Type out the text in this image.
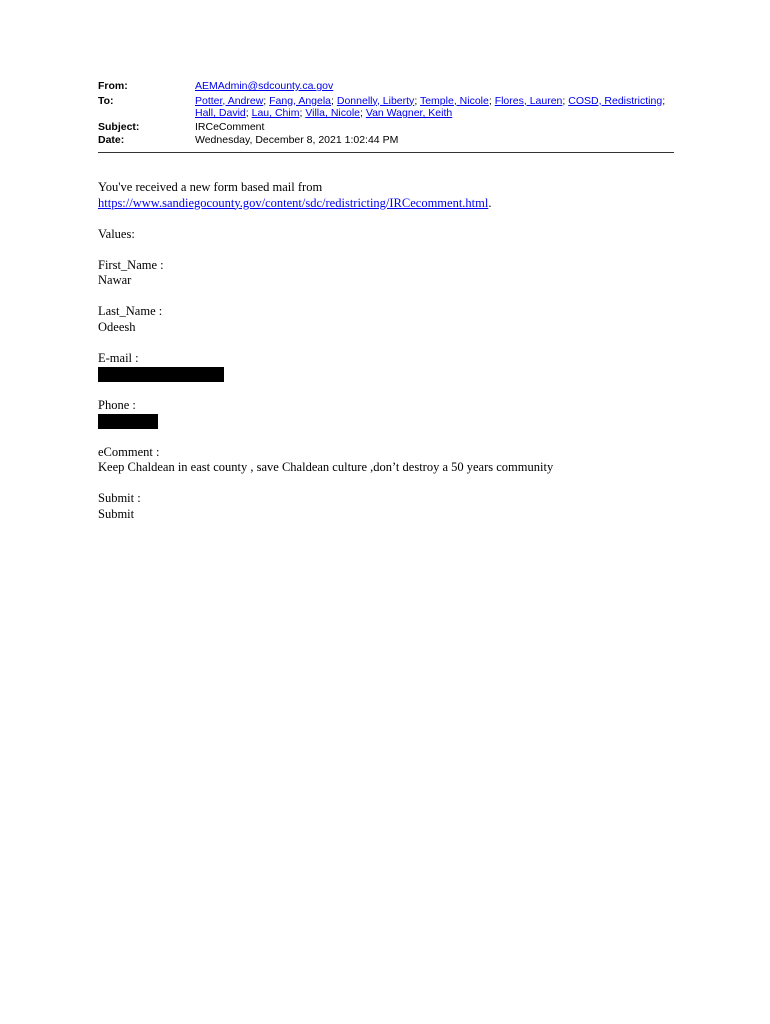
From:	AEMAdmin@sdcounty.ca.gov
To:	Potter, Andrew; Fang, Angela; Donnelly, Liberty; Temple, Nicole; Flores, Lauren; COSD, Redistricting; Hall, David; Lau, Chim; Villa, Nicole; Van Wagner, Keith
Subject:	IRCeComment
Date:	Wednesday, December 8, 2021 1:02:44 PM

You've received a new form based mail from
https://www.sandiegocounty.gov/content/sdc/redistricting/IRCecomment.html.

Values:

First_Name :
Nawar

Last_Name :
Odeesh

E-mail :

Phone :

eComment :
Keep Chaldean in east county , save Chaldean culture ,don’t destroy a 50 years community

Submit :
Submit
